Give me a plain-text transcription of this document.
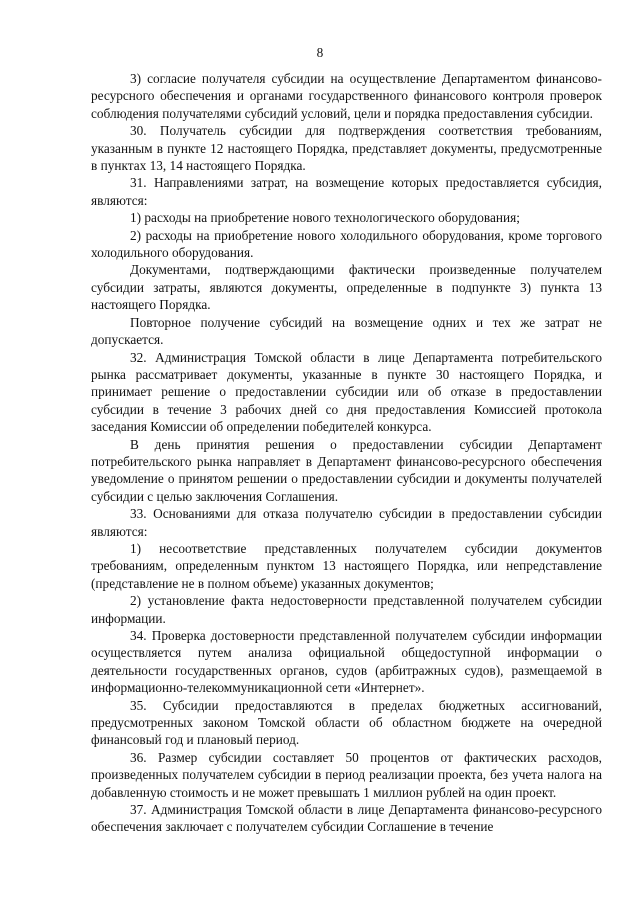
8

3) согласие получателя субсидии на осуществление Департаментом финансово-ресурсного обеспечения и органами государственного финансового контроля проверок соблюдения получателями субсидий условий, цели и порядка предоставления субсидии.

30. Получатель субсидии для подтверждения соответствия требованиям, указанным в пункте 12 настоящего Порядка, представляет документы, предусмотренные в пунктах 13, 14 настоящего Порядка.

31. Направлениями затрат, на возмещение которых предоставляется субсидия, являются:

1) расходы на приобретение нового технологического оборудования;

2) расходы на приобретение нового холодильного оборудования, кроме торгового холодильного оборудования.

Документами, подтверждающими фактически произведенные получателем субсидии затраты, являются документы, определенные в подпункте 3) пункта 13 настоящего Порядка.

Повторное получение субсидий на возмещение одних и тех же затрат не допускается.

32. Администрация Томской области в лице Департамента потребительского рынка рассматривает документы, указанные в пункте 30 настоящего Порядка, и принимает решение о предоставлении субсидии или об отказе в предоставлении субсидии в течение 3 рабочих дней со дня предоставления Комиссией протокола заседания Комиссии об определении победителей конкурса.

В день принятия решения о предоставлении субсидии Департамент потребительского рынка направляет в Департамент финансово-ресурсного обеспечения уведомление о принятом решении о предоставлении субсидии и документы получателей субсидии с целью заключения Соглашения.

33. Основаниями для отказа получателю субсидии в предоставлении субсидии являются:

1) несоответствие представленных получателем субсидии документов требованиям, определенным пунктом 13 настоящего Порядка, или непредставление (представление не в полном объеме) указанных документов;

2) установление факта недостоверности представленной получателем субсидии информации.

34. Проверка достоверности представленной получателем субсидии информации осуществляется путем анализа официальной общедоступной информации о деятельности государственных органов, судов (арбитражных судов), размещаемой в информационно-телекоммуникационной сети «Интернет».

35. Субсидии предоставляются в пределах бюджетных ассигнований, предусмотренных законом Томской области об областном бюджете на очередной финансовый год и плановый период.

36. Размер субсидии составляет 50 процентов от фактических расходов, произведенных получателем субсидии в период реализации проекта, без учета налога на добавленную стоимость и не может превышать 1 миллион рублей на один проект.

37. Администрация Томской области в лице Департамента финансово-ресурсного обеспечения заключает с получателем субсидии Соглашение в течение
